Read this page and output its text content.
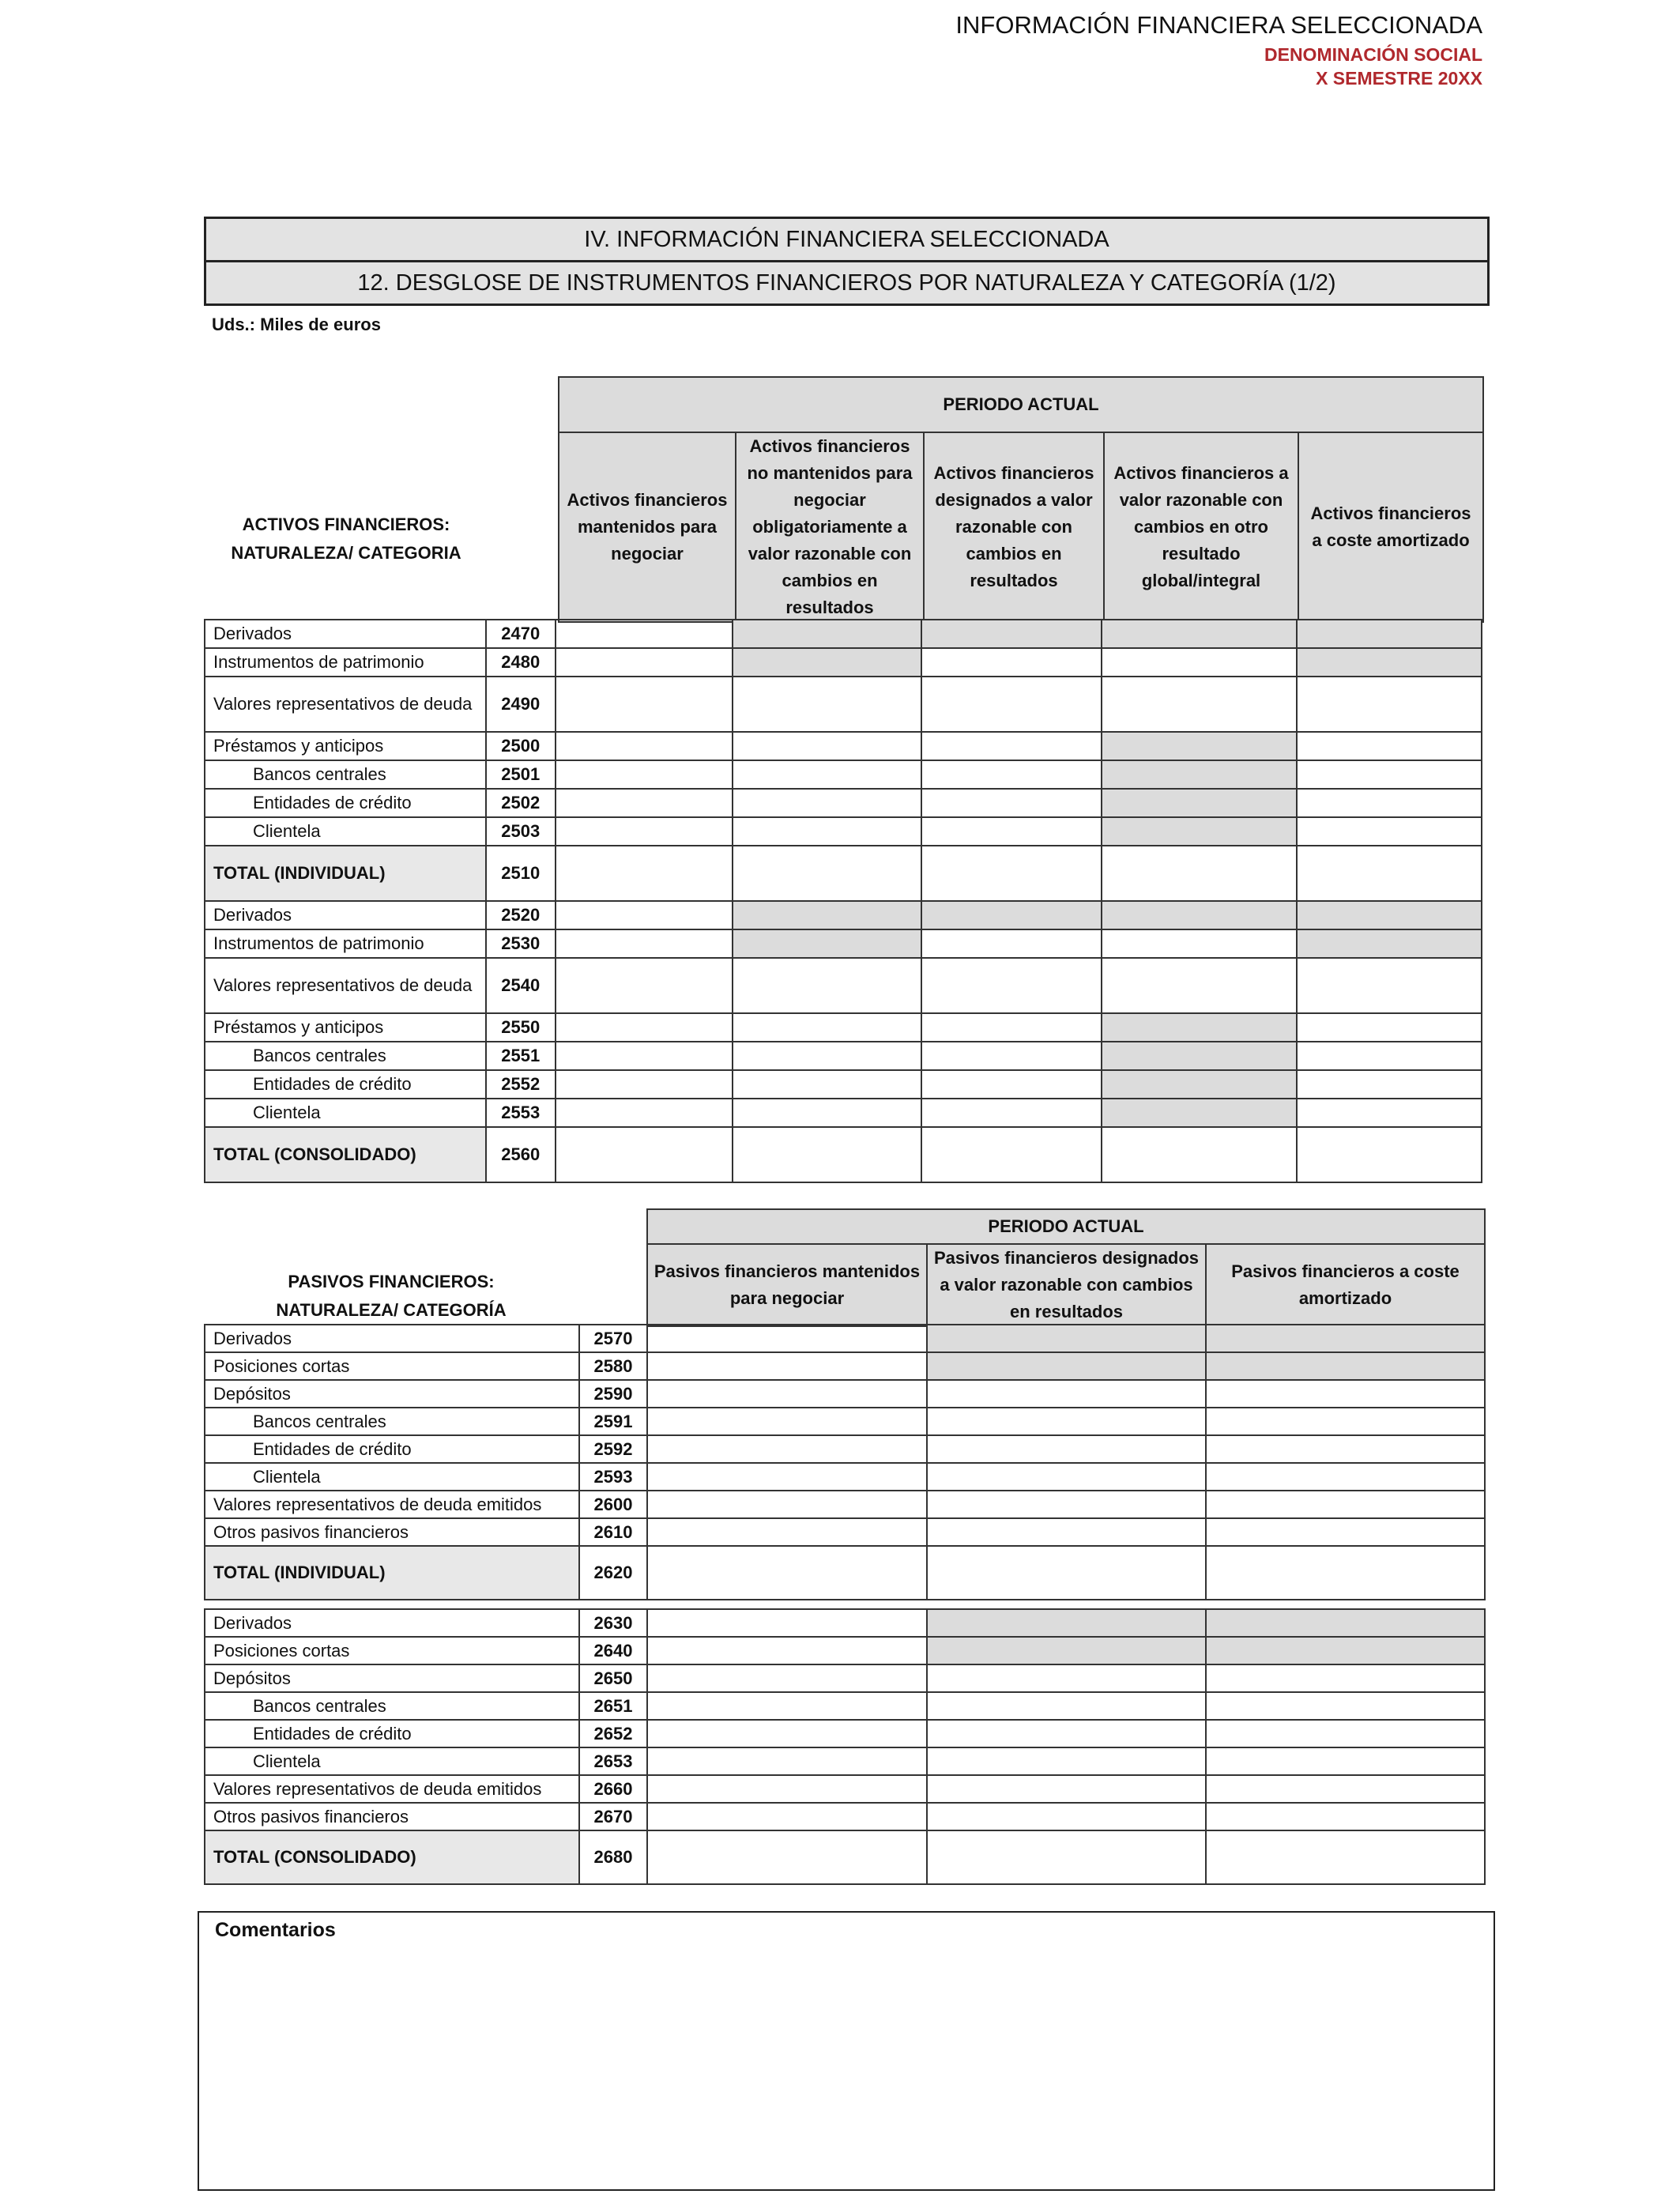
INFORMACIÓN FINANCIERA SELECCIONADA
DENOMINACIÓN SOCIAL
X SEMESTRE 20XX
IV. INFORMACIÓN FINANCIERA SELECCIONADA
12. DESGLOSE DE INSTRUMENTOS FINANCIEROS POR NATURALEZA Y CATEGORÍA (1/2)
Uds.: Miles de euros
ACTIVOS FINANCIEROS:
NATURALEZA/ CATEGORIA
PERIODO ACTUAL
Activos financieros mantenidos para negociar	Activos financieros no mantenidos para negociar obligatoriamente a valor razonable con cambios en resultados	Activos financieros designados a valor razonable con cambios en resultados	Activos financieros a valor razonable con cambios en otro resultado global/integral	Activos financieros a coste amortizado
Derivados	2470					
Instrumentos de patrimonio	2480					
Valores representativos de deuda	2490					
Préstamos y anticipos	2500					
Bancos centrales	2501					
Entidades de crédito	2502					
Clientela	2503					
TOTAL (INDIVIDUAL)	2510					
Derivados	2520					
Instrumentos de patrimonio	2530					
Valores representativos de deuda	2540					
Préstamos y anticipos	2550					
Bancos centrales	2551					
Entidades de crédito	2552					
Clientela	2553					
TOTAL (CONSOLIDADO)	2560					
PASIVOS FINANCIEROS:
NATURALEZA/ CATEGORÍA
PERIODO ACTUAL
Pasivos financieros mantenidos para negociar	Pasivos financieros designados a valor razonable con cambios en resultados	Pasivos financieros a coste amortizado
Derivados	2570			
Posiciones cortas	2580			
Depósitos	2590			
Bancos centrales	2591			
Entidades de crédito	2592			
Clientela	2593			
Valores representativos de deuda emitidos	2600			
Otros pasivos financieros	2610			
TOTAL (INDIVIDUAL)	2620			
Derivados	2630			
Posiciones cortas	2640			
Depósitos	2650			
Bancos centrales	2651			
Entidades de crédito	2652			
Clientela	2653			
Valores representativos de deuda emitidos	2660			
Otros pasivos financieros	2670			
TOTAL (CONSOLIDADO)	2680			
Comentarios
